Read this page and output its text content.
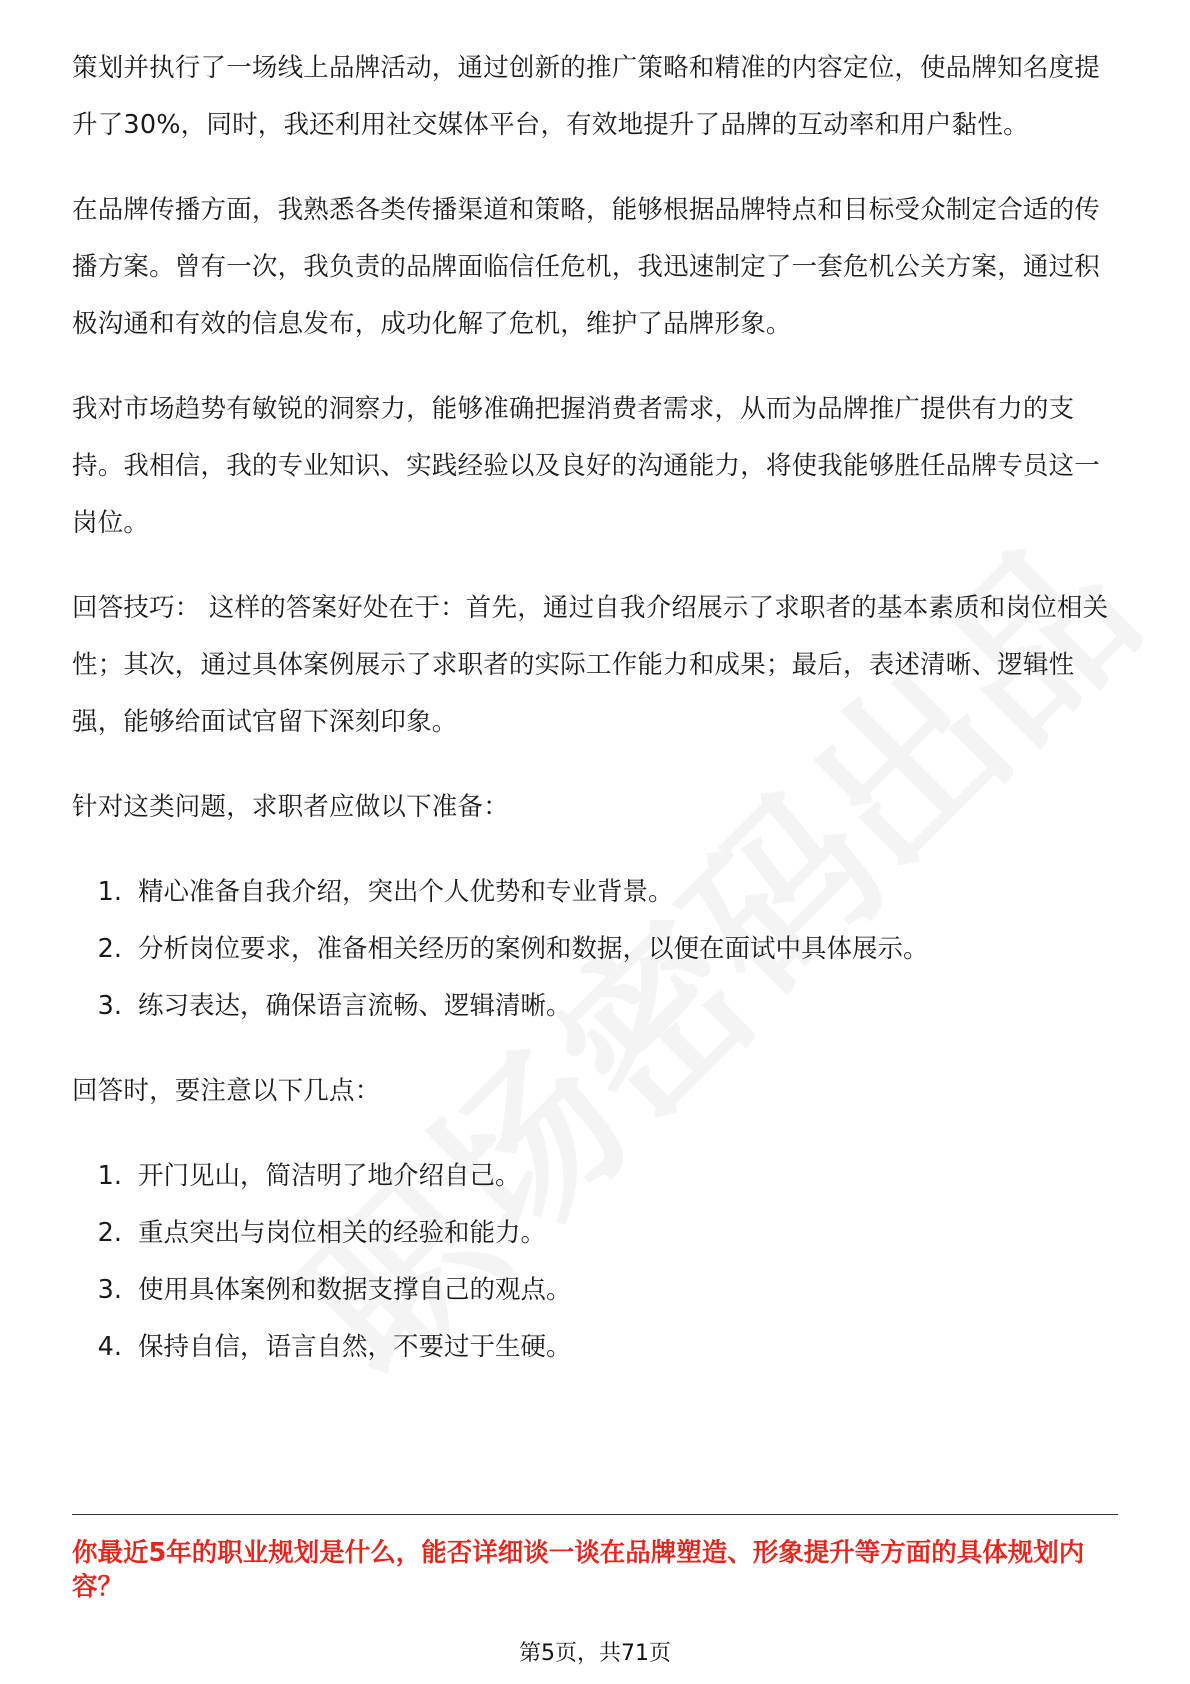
策划并执行了一场线上品牌活动，通过创新的推广策略和精准的内容定位，使品牌知名度提升了30%，同时，我还利用社交媒体平台，有效地提升了品牌的互动率和用户黏性。

在品牌传播方面，我熟悉各类传播渠道和策略，能够根据品牌特点和目标受众制定合适的传播方案。曾有一次，我负责的品牌面临信任危机，我迅速制定了一套危机公关方案，通过积极沟通和有效的信息发布，成功化解了危机，维护了品牌形象。

我对市场趋势有敏锐的洞察力，能够准确把握消费者需求，从而为品牌推广提供有力的支持。我相信，我的专业知识、实践经验以及良好的沟通能力，将使我能够胜任品牌专员这一岗位。

回答技巧： 这样的答案好处在于：首先，通过自我介绍展示了求职者的基本素质和岗位相关性；其次，通过具体案例展示了求职者的实际工作能力和成果；最后，表述清晰、逻辑性强，能够给面试官留下深刻印象。

针对这类问题，求职者应做以下准备：

1. 精心准备自我介绍，突出个人优势和专业背景。
2. 分析岗位要求，准备相关经历的案例和数据，以便在面试中具体展示。
3. 练习表达，确保语言流畅、逻辑清晰。

回答时，要注意以下几点：

1. 开门见山，简洁明了地介绍自己。
2. 重点突出与岗位相关的经验和能力。
3. 使用具体案例和数据支撑自己的观点。
4. 保持自信，语言自然，不要过于生硬。
你最近5年的职业规划是什么，能否详细谈一谈在品牌塑造、形象提升等方面的具体规划内容？
第5页，共71页
